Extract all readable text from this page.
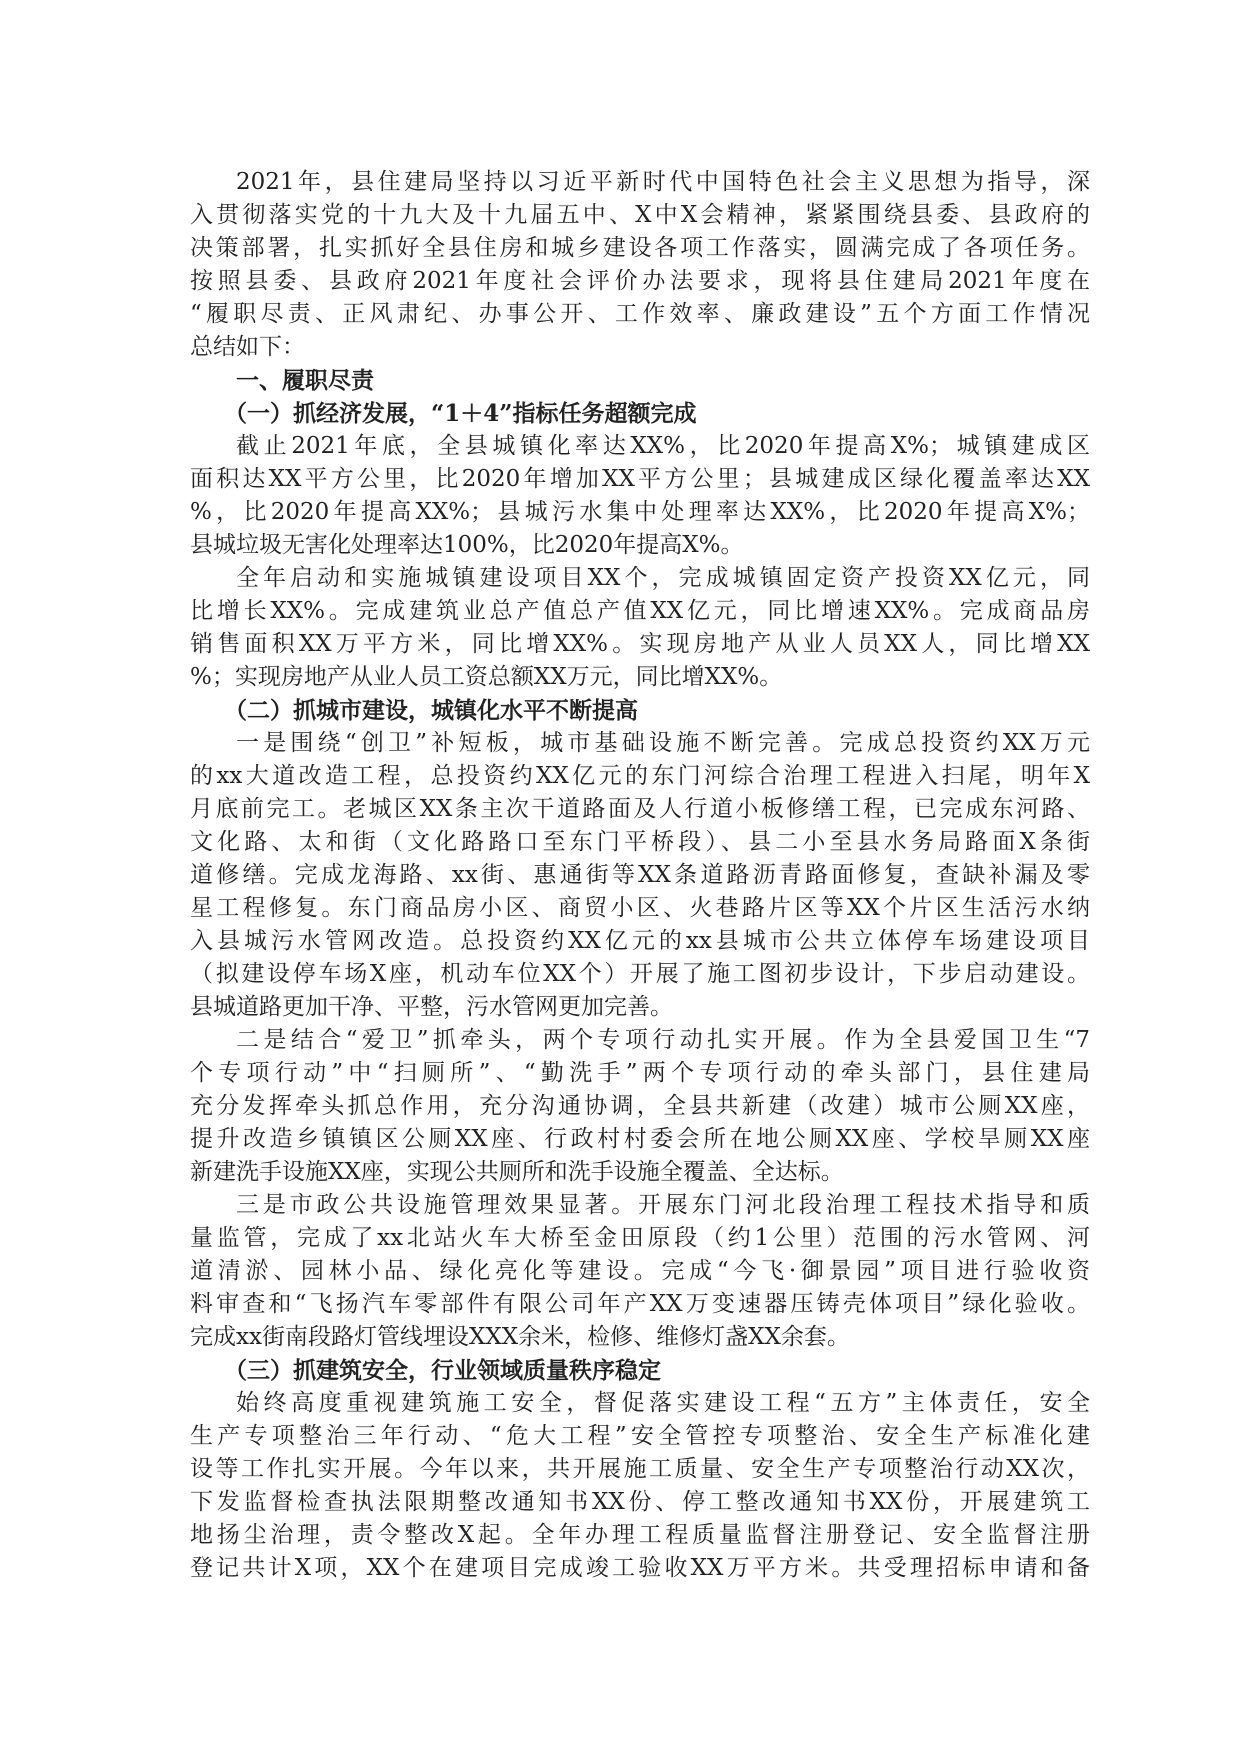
2021年，县住建局坚持以习近平新时代中国特色社会主义思想为指导，深
入贯彻落实党的十九大及十九届五中、X中X会精神，紧紧围绕县委、县政府的
决策部署，扎实抓好全县住房和城乡建设各项工作落实，圆满完成了各项任务。
按照县委、县政府2021年度社会评价办法要求，现将县住建局2021年度在
“履职尽责、正风肃纪、办事公开、工作效率、廉政建设”五个方面工作情况
总结如下：
一、履职尽责
（一）抓经济发展，“1＋4”指标任务超额完成
截止2021年底，全县城镇化率达XX%，比2020年提高X%；城镇建成区
面积达XX平方公里，比2020年增加XX平方公里；县城建成区绿化覆盖率达XX
%，比2020年提高XX%；县城污水集中处理率达XX%，比2020年提高X%；
县城垃圾无害化处理率达100%，比2020年提高X%。
全年启动和实施城镇建设项目XX个，完成城镇固定资产投资XX亿元，同
比增长XX%。完成建筑业总产值总产值XX亿元，同比增速XX%。完成商品房
销售面积XX万平方米，同比增XX%。实现房地产从业人员XX人，同比增XX
%；实现房地产从业人员工资总额XX万元，同比增XX%。
（二）抓城市建设，城镇化水平不断提高
一是围绕“创卫”补短板，城市基础设施不断完善。完成总投资约XX万元
的xx大道改造工程，总投资约XX亿元的东门河综合治理工程进入扫尾，明年X
月底前完工。老城区XX条主次干道路面及人行道小板修缮工程，已完成东河路、
文化路、太和街（文化路路口至东门平桥段）、县二小至县水务局路面X条街
道修缮。完成龙海路、xx街、惠通街等XX条道路沥青路面修复，查缺补漏及零
星工程修复。东门商品房小区、商贸小区、火巷路片区等XX个片区生活污水纳
入县城污水管网改造。总投资约XX亿元的xx县城市公共立体停车场建设项目
（拟建设停车场X座，机动车位XX个）开展了施工图初步设计，下步启动建设。
县城道路更加干净、平整，污水管网更加完善。
二是结合“爱卫”抓牵头，两个专项行动扎实开展。作为全县爱国卫生“7
个专项行动”中“扫厕所”、“勤洗手”两个专项行动的牵头部门，县住建局
充分发挥牵头抓总作用，充分沟通协调，全县共新建（改建）城市公厕XX座，
提升改造乡镇镇区公厕XX座、行政村村委会所在地公厕XX座、学校旱厕XX座
新建洗手设施XX座，实现公共厕所和洗手设施全覆盖、全达标。
三是市政公共设施管理效果显著。开展东门河北段治理工程技术指导和质
量监管，完成了xx北站火车大桥至金田原段（约1公里）范围的污水管网、河
道清淤、园林小品、绿化亮化等建设。完成“今飞·御景园”项目进行验收资
料审查和“飞扬汽车零部件有限公司年产XX万变速器压铸壳体项目”绿化验收。
完成xx街南段路灯管线埋设XXX余米，检修、维修灯盏XX余套。
（三）抓建筑安全，行业领域质量秩序稳定
始终高度重视建筑施工安全，督促落实建设工程“五方”主体责任，安全
生产专项整治三年行动、“危大工程”安全管控专项整治、安全生产标准化建
设等工作扎实开展。今年以来，共开展施工质量、安全生产专项整治行动XX次，
下发监督检查执法限期整改通知书XX份、停工整改通知书XX份，开展建筑工
地扬尘治理，责令整改X起。全年办理工程质量监督注册登记、安全监督注册
登记共计X项，XX个在建项目完成竣工验收XX万平方米。共受理招标申请和备
